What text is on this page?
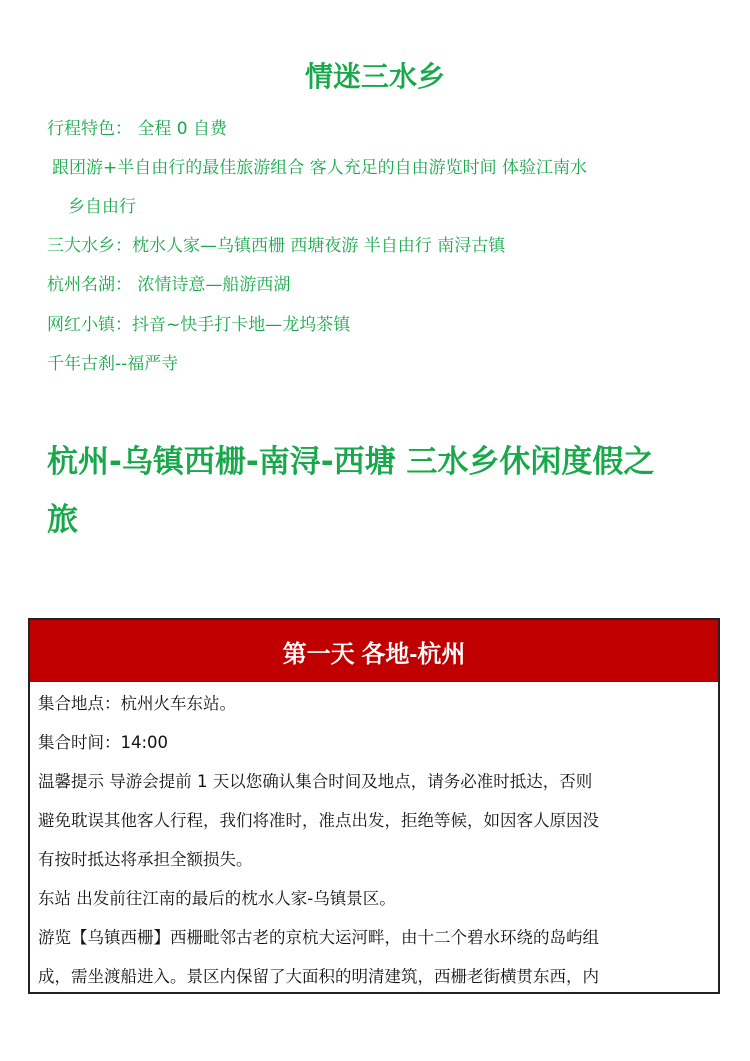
情迷三水乡
行程特色： 全程 0 自费
跟团游+半自由行的最佳旅游组合 客人充足的自由游览时间 体验江南水
乡自由行
三大水乡：枕水人家—乌镇西栅 西塘夜游 半自由行 南浔古镇
杭州名湖： 浓情诗意—船游西湖
网红小镇：抖音~快手打卡地—龙坞茶镇
千年古刹--福严寺
杭州-乌镇西栅-南浔-西塘 三水乡休闲度假之
旅
第一天 各地-杭州
集合地点：杭州火车东站。
集合时间：14:00
温馨提示 导游会提前 1 天以您确认集合时间及地点，请务必准时抵达，否则
避免耽误其他客人行程，我们将准时，准点出发，拒绝等候，如因客人原因没
有按时抵达将承担全额损失。
东站 出发前往江南的最后的枕水人家-乌镇景区。
游览【乌镇西栅】西栅毗邻古老的京杭大运河畔，由十二个碧水环绕的岛屿组
成，需坐渡船进入。景区内保留了大面积的明清建筑，西栅老街横贯东西，内
